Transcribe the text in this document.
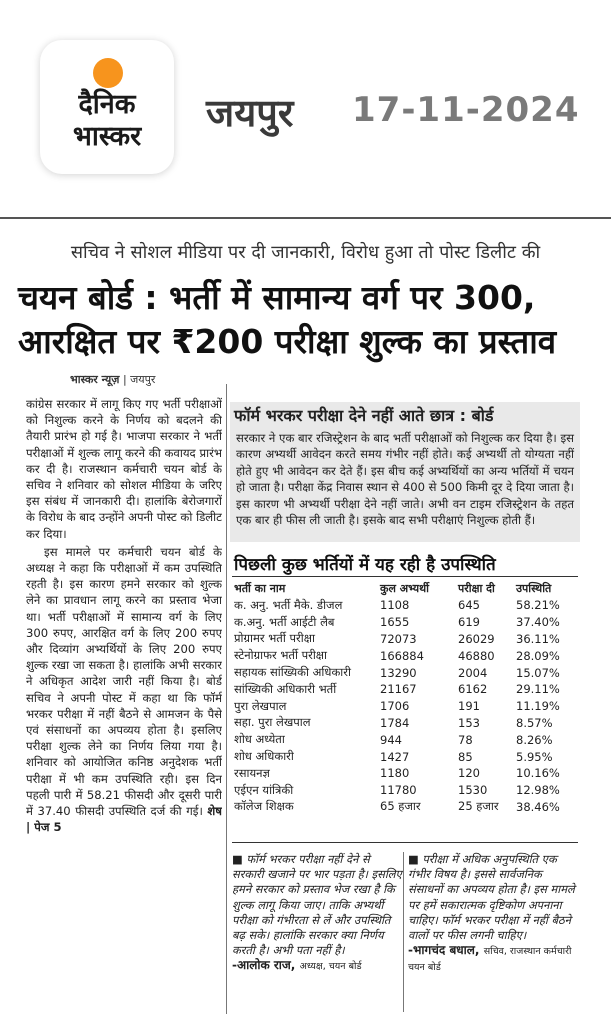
दैनिक
भास्कर
जयपुर 17-11-2024
सचिव ने सोशल मीडिया पर दी जानकारी, विरोध हुआ तो पोस्ट डिलीट की
चयन बोर्ड : भर्ती में सामान्य वर्ग पर 300,
आरक्षित पर ₹200 परीक्षा शुल्क का प्रस्ताव
भास्कर न्यूज़ | जयपुर

कांग्रेस सरकार में लागू किए गए भर्ती परीक्षाओं को निशुल्क करने के निर्णय को बदलने की तैयारी प्रारंभ हो गई है। भाजपा सरकार ने भर्ती परीक्षाओं में शुल्क लागू करने की कवायद प्रारंभ कर दी है। राजस्थान कर्मचारी चयन बोर्ड के सचिव ने शनिवार को सोशल मीडिया के जरिए इस संबंध में जानकारी दी। हालांकि बेरोजगारों के विरोध के बाद उन्होंने अपनी पोस्ट को डिलीट कर दिया।

इस मामले पर कर्मचारी चयन बोर्ड के अध्यक्ष ने कहा कि परीक्षाओं में कम उपस्थिति रहती है। इस कारण हमने सरकार को शुल्क लेने का प्रावधान लागू करने का प्रस्ताव भेजा था। भर्ती परीक्षाओं में सामान्य वर्ग के लिए 300 रुपए, आरक्षित वर्ग के लिए 200 रुपए और दिव्यांग अभ्यर्थियों के लिए 200 रुपए शुल्क रखा जा सकता है। हालांकि अभी सरकार ने अधिकृत आदेश जारी नहीं किया है। बोर्ड सचिव ने अपनी पोस्ट में कहा था कि फॉर्म भरकर परीक्षा में नहीं बैठने से आमजन के पैसे एवं संसाधनों का अपव्यय होता है। इसलिए परीक्षा शुल्क लेने का निर्णय लिया गया है। शनिवार को आयोजित कनिष्ठ अनुदेशक भर्ती परीक्षा में भी कम उपस्थिति रही। इस दिन पहली पारी में 58.21 फीसदी और दूसरी पारी में 37.40 फीसदी उपस्थिति दर्ज की गई। शेष | पेज 5

फॉर्म भरकर परीक्षा देने नहीं आते छात्र : बोर्ड
सरकार ने एक बार रजिस्ट्रेशन के बाद भर्ती परीक्षाओं को निशुल्क कर दिया है। इस कारण अभ्यर्थी आवेदन करते समय गंभीर नहीं होते। कई अभ्यर्थी तो योग्यता नहीं होते हुए भी आवेदन कर देते हैं। इस बीच कई अभ्यर्थियों का अन्य भर्तियों में चयन हो जाता है। परीक्षा केंद्र निवास स्थान से 400 से 500 किमी दूर दे दिया जाता है। इस कारण भी अभ्यर्थी परीक्षा देने नहीं जाते। अभी वन टाइम रजिस्ट्रेशन के तहत एक बार ही फीस ली जाती है। इसके बाद सभी परीक्षाएं निशुल्क होती हैं।
पिछली कुछ भर्तियों में यह रही है उपस्थिति
भर्ती का नाम	कुल अभ्यर्थी	परीक्षा दी	उपस्थिति
क. अनु. भर्ती मैके. डीजल	1108	645	58.21%
क.अनु. भर्ती आईटी लैब	1655	619	37.40%
प्रोग्रामर भर्ती परीक्षा	72073	26029	36.11%
स्टेनोग्राफर भर्ती परीक्षा	166884	46880	28.09%
सहायक सांख्यिकी अधिकारी	13290	2004	15.07%
सांख्यिकी अधिकारी भर्ती	21167	6162	29.11%
पुरा लेखपाल	1706	191	11.19%
सहा. पुरा लेखपाल	1784	153	8.57%
शोध अध्येता	944	78	8.26%
शोध अधिकारी	1427	85	5.95%
रसायनज्ञ	1180	120	10.16%
एईएन यांत्रिकी	11780	1530	12.98%
कॉलेज शिक्षक	65 हजार	25 हजार	38.46%
■ फॉर्म भरकर परीक्षा नहीं देने से सरकारी खजाने पर भार पड़ता है। इसलिए हमने सरकार को प्रस्ताव भेज रखा है कि शुल्क लागू किया जाए। ताकि अभ्यर्थी परीक्षा को गंभीरता से लें और उपस्थिति बढ़ सके। हालांकि सरकार क्या निर्णय करती है। अभी पता नहीं है।
-आलोक राज, अध्यक्ष, चयन बोर्ड
■ परीक्षा में अधिक अनुपस्थिति एक गंभीर विषय है। इससे सार्वजनिक संसाधनों का अपव्यय होता है। इस मामले पर हमें सकारात्मक दृष्टिकोण अपनाना चाहिए। फॉर्म भरकर परीक्षा में नहीं बैठने वालों पर फीस लगनी चाहिए।
-भागचंद बधाल, सचिव, राजस्थान कर्मचारी चयन बोर्ड
